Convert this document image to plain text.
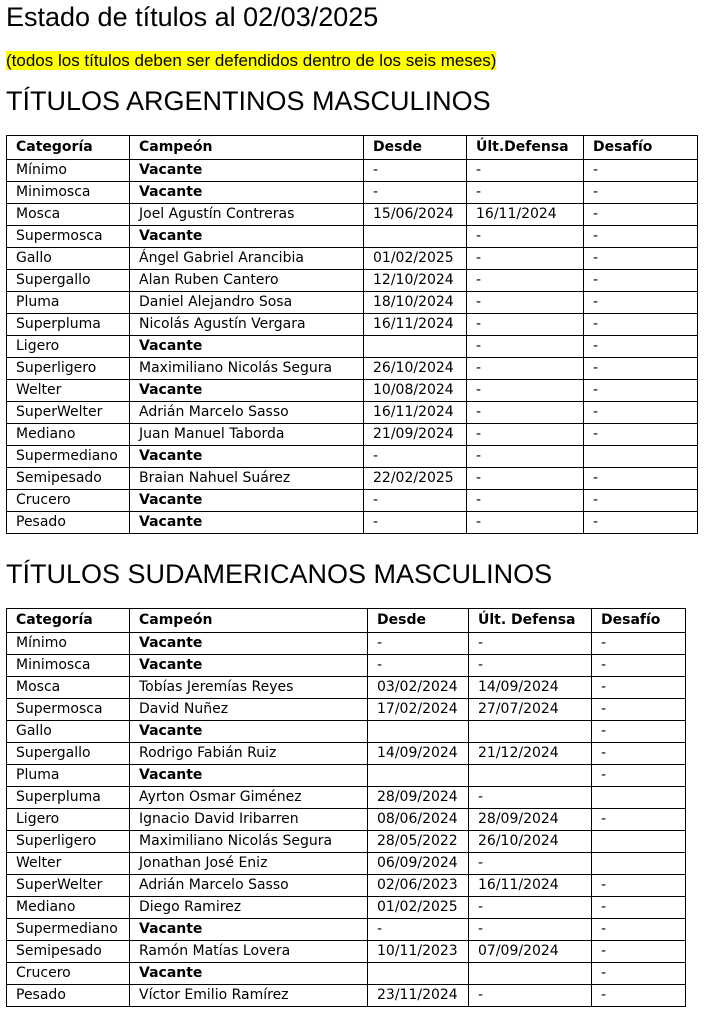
Estado de títulos al 02/03/2025
(todos los títulos deben ser defendidos dentro de los seis meses)
TÍTULOS ARGENTINOS MASCULINOS
Categoría	Campeón	Desde	Últ.Defensa	Desafío
Mínimo	Vacante	-	-	-
Minimosca	Vacante	-	-	-
Mosca	Joel Agustín Contreras	15/06/2024	16/11/2024	-
Supermosca	Vacante		-	-
Gallo	Ángel Gabriel Arancibia	01/02/2025	-	-
Supergallo	Alan Ruben Cantero	12/10/2024	-	-
Pluma	Daniel Alejandro Sosa	18/10/2024	-	-
Superpluma	Nicolás Agustín Vergara	16/11/2024	-	-
Ligero	Vacante		-	-
Superligero	Maximiliano Nicolás Segura	26/10/2024	-	-
Welter	Vacante	10/08/2024	-	-
SuperWelter	Adrián Marcelo Sasso	16/11/2024	-	-
Mediano	Juan Manuel Taborda	21/09/2024	-	-
Supermediano	Vacante	-	-	
Semipesado	Braian Nahuel Suárez	22/02/2025	-	-
Crucero	Vacante	-	-	-
Pesado	Vacante	-	-	-
TÍTULOS SUDAMERICANOS MASCULINOS
Categoría	Campeón	Desde	Últ. Defensa	Desafío
Mínimo	Vacante	-	-	-
Minimosca	Vacante	-	-	-
Mosca	Tobías Jeremías Reyes	03/02/2024	14/09/2024	-
Supermosca	David Nuñez	17/02/2024	27/07/2024	-
Gallo	Vacante			-
Supergallo	Rodrigo Fabián Ruiz	14/09/2024	21/12/2024	-
Pluma	Vacante			-
Superpluma	Ayrton Osmar Giménez	28/09/2024	-	
Ligero	Ignacio David Iribarren	08/06/2024	28/09/2024	-
Superligero	Maximiliano Nicolás Segura	28/05/2022	26/10/2024	
Welter	Jonathan José Eniz	06/09/2024	-	
SuperWelter	Adrián Marcelo Sasso	02/06/2023	16/11/2024	-
Mediano	Diego Ramirez	01/02/2025	-	-
Supermediano	Vacante	-	-	-
Semipesado	Ramón Matías Lovera	10/11/2023	07/09/2024	-
Crucero	Vacante			-
Pesado	Víctor Emilio Ramírez	23/11/2024	-	-
